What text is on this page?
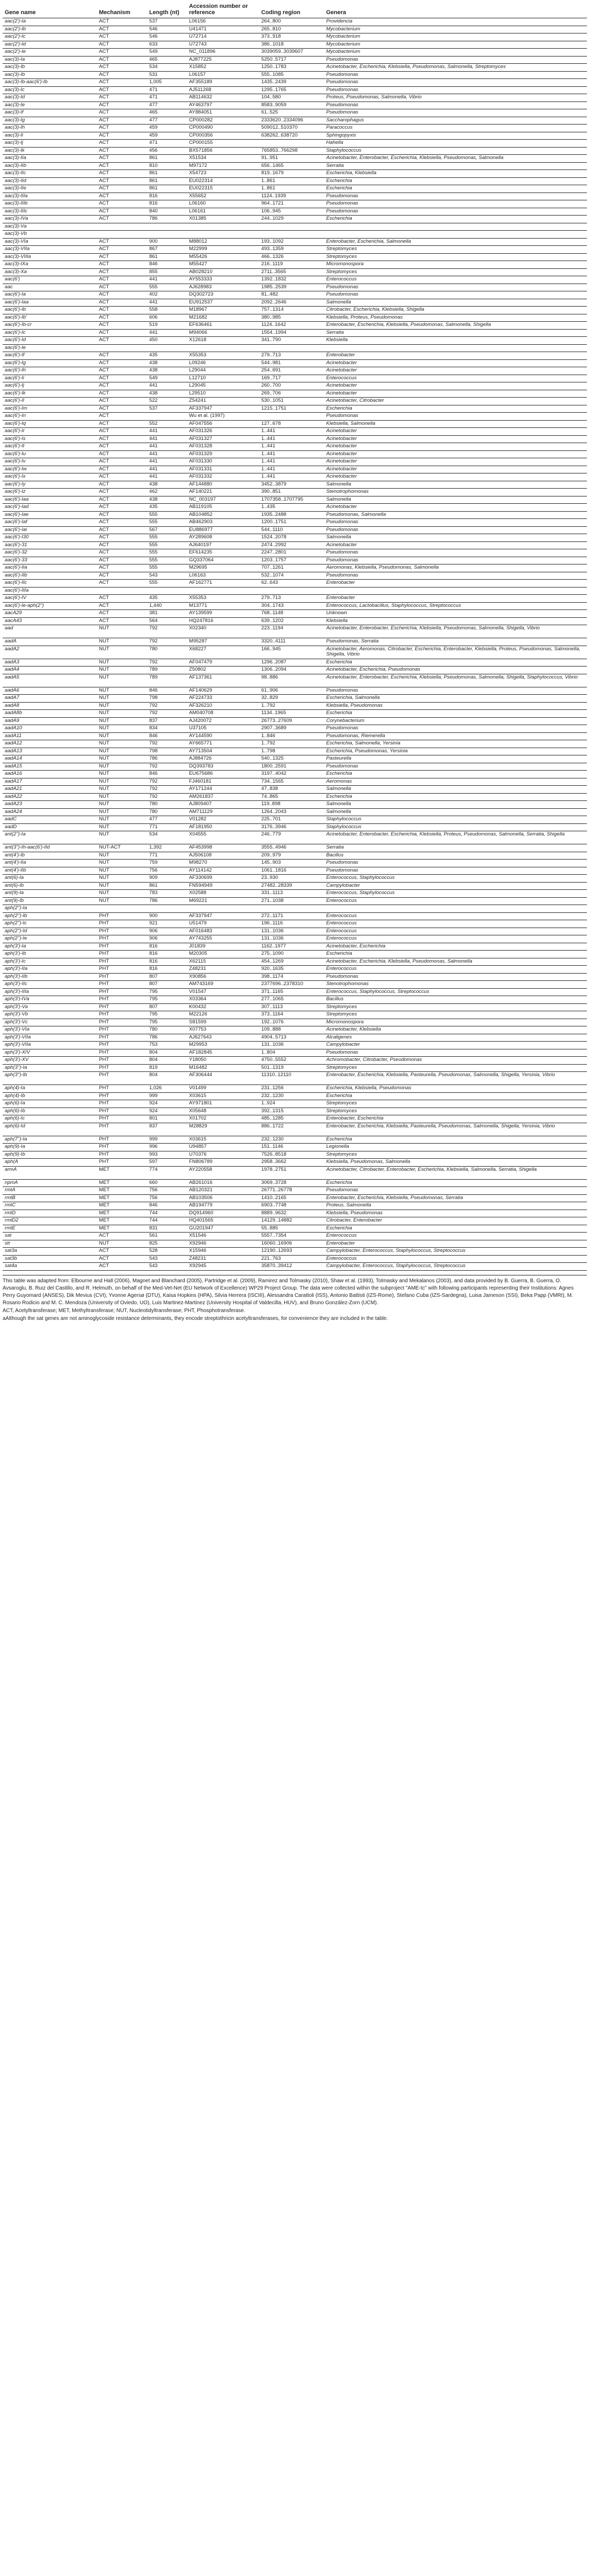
Gene name	Mechanism	Length (nt)	Accession number or reference	Coding region	Genera
aac(2')-Ia	ACT	537	L06156	264..800	Providencia
aac(2')-Ib	ACT	546	U41471	265..810	Mycobacterium
aac(2')-Ic	ACT	546	U72714	373..918	Mycobacterium
aac(2')-Id	ACT	633	U72743	386..1018	Mycobacterium
aac(2')-Ie	ACT	549	NC_011896	3039059..3039607	Mycobacterium
aac(3)-Ia	ACT	465	AJ877225	5250..5717	Pseudomonas
aac(3)-Ib	ACT	534	X15852	1250..1783	Acinetobacter, Escherichia, Klebsiella, Pseudomonas, Salmonella, Streptomyces
aac(3)-Ib	ACT	531	L06157	555..1085	Pseudomonas
aac(3)-Ib-aac(6')-Ib	ACT	1,005	AF355189	1435..2439	Pseudomonas
aac(3)-Ic	ACT	471	AJ511268	1295..1765	Pseudomonas
aac(3)-Id	ACT	471	AB114632	104..580	Proteus, Pseudomonas, Salmonella, Vibrio
aac(3)-Ie	ACT	477	AY463797	8583..9059	Pseudomonas
aac(3)-If	ACT	465	AY884051	61..525	Pseudomonas
aac(3)-Ig	ACT	477	CP000282	2333620..2334096	Saccharophagus
aac(3)-Ih	ACT	459	CP000490	509012..510370	Paracoccus
aac(3)-Ii	ACT	459	CP000356	638262..638720	Sphingopyxis
aac(3)-Ij	ACT	471	CP000155		Hahella
aac(3)-Ik	ACT	456	BX571856	765853..766298	Staphylococcus
aac(3)-IIa	ACT	861	X51534	91..951	Acinetobacter, Enterobacter, Escherichia, Klebsiella, Pseudomonas, Salmonella
aac(3)-IIb	ACT	810	M97172	656..1465	Serratia
aac(3)-IIc	ACT	861	X54723	819..1679	Escherichia, Klebsiella
aac(3)-IId	ACT	861	EU022314	1..861	Escherichia
aac(3)-IIe	ACT	861	EU022315	1..861	Escherichia
aac(3)-IIIa	ACT	816	X55652	1124..1939	Pseudomonas
aac(3)-IIIb	ACT	816	L06160	964..1721	Pseudomonas
aac(3)-IIIc	ACT	840	L06161	106..945	Pseudomonas
aac(3)-IVa	ACT	786	X01385	244..1029	Escherichia
aac(3)-Va					
aac(3)-Vb					
aac(3)-VIa	ACT	900	M88012	193..1092	Enterobacter, Escherichia, Salmonella
aac(3)-VIIa	ACT	867	M22999	493..1359	Streptomyces
aac(3)-VIIIa	ACT	861	M55426	466..1326	Streptomyces
aac(3)-IXa	ACT	846	M55427	216..1119	Micromonospora
aac(3)-Xa	ACT	855	AB028210	2711..3565	Streptomyces
aac(6')	ACT	441	AY553333	1392..1832	Enterococcus
aac	ACT	555	AJ628983	1985..2539	Pseudomonas
aac(6')-Ia	ACT	402	DQ302723	81..482	Pseudomonas
aac(6')-Iaa	ACT	441	EU912537	2092..2646	Salmonella
aac(6')-Ib	ACT	558	M18967	757..1314	Citrobacter, Escherichia, Klebsiella, Shigella
aac(6')-Ib'	ACT	606	M21682	380..985	Klebsiella, Proteus, Pseudomonas
aac(6')-Ib-cr	ACT	519	EF636461	1124..1642	Enterobacter, Escherichia, Klebsiella, Pseudomonas, Salmonella, Shigella
aac(6')-Ic	ACT	441	M94066	1554..1994	Serratia
aac(6')-Id	ACT	450	X12618	341..790	Klebsiella
aac(6')-Ie					
aac(6')-If	ACT	435	X55353	279..713	Enterobacter
aac(6')-Ig	ACT	438	L09246	544..981	Acinetobacter
aac(6')-Ih	ACT	438	L29044	254..691	Acinetobacter
aac(6')-Ii	ACT	549	L12710	169..717	Enterococcus
aac(6')-Ij	ACT	441	L29045	260..700	Acinetobacter
aac(6')-Ik	ACT	438	L29510	269..706	Acinetobacter
aac(6')-Il	ACT	522	Z54241	530..1051	Acinetobacter, Citrobacter
aac(6')-Im	ACT	537	AF337947	1215..1751	Escherichia
aac(6')-In	ACT		Wu et al. (1997)		Pseudomonas
aac(6')-Iq	ACT	552	AF047556	127..678	Klebsiella, Salmonella
aac(6')-Ir	ACT	441	AF031326	1..441	Acinetobacter
aac(6')-Is	ACT	441	AF031327	1..441	Acinetobacter
aac(6')-It	ACT	441	AF031328	1..441	Acinetobacter
aac(6')-Iu	ACT	441	AF031329	1..441	Acinetobacter
aac(6')-Iv	ACT	441	AF031330	1..441	Acinetobacter
aac(6')-Iw	ACT	441	AF031331	1..441	Acinetobacter
aac(6')-Ix	ACT	441	AF031332	1..441	Acinetobacter
aac(6')-Iy	ACT	438	AF144880	3452..3879	Salmonella
aac(6')-Iz	ACT	462	AF140221	390..851	Stenotrophomonas
aac(6')-Iaa	ACT	438	NC_003197	1707358..1707795	Salmonella
aac(6')-Iad	ACT	435	AB119105	1..435	Acinetobacter
aac(6')-Iae	ACT	555	AB104852	1935..2488	Pseudomonas, Salmonella
aac(6')-Iaf	ACT	555	AB462903	1200..1751	Pseudomonas
aac(6')-Iai	ACT	567	EU886977	544..1110	Pseudomonas
aac(6')-I30	ACT	555	AY289608	1524..2078	Salmonella
aac(6')-31	ACT	555	AJ640197	2474..2992	Acinetobacter
aac(6')-32	ACT	555	EF614235	2247..2801	Pseudomonas
aac(6')-33	ACT	555	GQ337064	1203..1757	Pseudomonas
aac(6')-IIa	ACT	555	M29695	707..1261	Aeromonas, Klebsiella, Pseudomonas, Salmonella
aac(6')-IIb	ACT	543	L06163	532..1074	Pseudomonas
aac(6')-IIc	ACT	555	AF162771	62..643	Enterobacter
aac(6')-IIIa					
aac(6')-IV	ACT	435	X55353	279..713	Enterobacter
aac(6')-Ie-aph(2'')	ACT	1,440	M13771	304..1743	Enterococcus, Lactobacillus, Staphylococcus, Streptococcus
aacA29	ACT	381	AY139599	768..1148	Unknown
aacA43	ACT	564	HQ247816	639..1202	Klebsiella
aad	NUT	792	X02340	223..1194	Acinetobacter, Enterobacter, Escherichia, Klebsiella, Pseudomonas, Salmonella, Shigella, Vibrio
aadA	NUT	792	M95287	3320..4111	Pseudomonas, Serratia
aadA2	NUT	780	X68227	166..945	Acinetobacter, Aeromonas, Citrobacter, Escherichia, Enterobacter, Klebsiella, Proteus, Pseudomonas, Salmonella, Shigella, Vibrio
aadA3	NUT	792	AF047479	1296..2087	Escherichia
aadA4	NUT	789	Z50802	1306..2094	Acinetobacter, Escherichia, Pseudomonas
aadA5	NUT	789	AF137361	98..886	Acinetobacter, Enterobacter, Escherichia, Klebsiella, Pseudomonas, Salmonella, Shigella, Staphylococcus, Vibrio
aadA6	NUT	846	AF140629	61..906	Pseudomonas
aadA7	NUT	798	AF224733	32..829	Escherichia, Salmonella
aadA8	NUT	792	AF326210	1..792	Klebsiella, Pseudomonas
aadA8b	NUT	792	AM040708	1134..1965	Escherichia
aadA9	NUT	837	AJ420072	26773..27609	Corynebacterium
aadA10	NUT	834	U37105	2907..3689	Pseudomonas
aadA11	NUT	846	AY144590	1..846	Pseudomonas, Riemerella
aadA12	NUT	792	AY665771	1..792	Escherichia, Salmonella, Yersinia
aadA13	NUT	798	AY713504	1..798	Escherichia, Pseudomonas, Yersinia
aadA14	NUT	786	AJ884726	540..1325	Pasteurella
aadA15	NUT	792	DQ393783	1800..2591	Pseudomonas
aadA16	NUT	846	EU675686	3197..4042	Escherichia
aadA17	NUT	792	FJ460181	734..1565	Aeromonas
aadA21	NUT	792	AY171244	47..838	Salmonella
aadA22	NUT	792	AM261837	74..865	Escherichia
aadA23	NUT	780	AJ809407	119..898	Salmonella
aadA24	NUT	780	AM711129	1264..2043	Salmonella
aadC	NUT	477	V01282	225..701	Staphylococcus
aadD	NUT	771	AF181950	3176..3946	Staphylococcus
ant(2'')-Ia	NUT	534	X04555	246..779	Acinetobacter, Enterobacter, Escherichia, Klebsiella, Proteus, Pseudomonas, Salmonella, Serratia, Shigella
ant(3'')-Ih-aac(6')-IId	NUT-ACT	1,392	AF453998	3555..4946	Serratia
ant(4')-Ib	NUT	771	AJ506108	209..979	Bacillus
ant(4')-IIa	NUT	759	M98270	145..903	Pseudomonas
ant(4')-IIb	NUT	756	AY114142	1061..1816	Pseudomonas
ant(6)-Ia	NUT	909	AF330699	23..930	Enterococcus, Staphylococcus
ant(6)-Ib	NUT	861	FN594949	27482..28339	Campylobacter
ant(9)-Ia	NUT	783	X02588	331..1113	Enterococcus, Staphylococcus
ant(9)-Ib	NUT	786	M69221	271..1038	Enterococcus
aph(2'')-Ia					
aph(2'')-Ib	PHT	900	AF337947	272..1171	Enterococcus
aph(2'')-Ic	PHT	921	U51479	196..1116	Enterococcus
aph(2'')-Id	PHT	906	AF016483	131..1036	Enterococcus
aph(2'')-Ie	PHT	906	AY743255	131..1036	Enterococcus
aph(3')-Ia	PHT	816	J01839	1162..1977	Acinetobacter, Escherichia
aph(3')-Ib	PHT	816	M20305	275..1090	Escherichia
aph(3')-Ic	PHT	816	X62115	454..1269	Acinetobacter, Escherichia, Klebsiella, Pseudomonas, Salmonella
aph(3')-IIa	PHT	816	Z48231	920..1635	Enterococcus
aph(3')-IIb	PHT	807	X90856	398..1174	Pseudomonas
aph(3')-IIc	PHT	807	AM743169	2377696..2378310	Stenotrophomonas
aph(3')-IIIa	PHT	795	V01547	371..1165	Enterococcus, Staphylococcus, Streptococcus
aph(3')-IVa	PHT	795	X03364	277..1065	Bacillus
aph(3')-Va	PHT	807	K00432	307..1113	Streptomyces
aph(3')-Vb	PHT	795	M22126	373..1164	Streptomyces
aph(3')-Vc	PHT	795	S81599	192..1076	Micromonospora
aph(3')-VIa	PHT	780	X07753	109..888	Acinetobacter, Klebsiella
aph(3')-VIIa	PHT	786	AJ627643	4904..5713	Alcaligenes
aph(3')-VIIa	PHT	753	M29953	131..1036	Campylobacter
aph(3')-XIV	PHT	804	AF182845	1..804	Pseudomonas
aph(3')-XV	PHT	804	Y18050	4750..5552	Achromobacter, Citrobacter, Pseudomonas
aph(3'')-Ia	PHT	819	M16482	501..1319	Streptomyces
aph(3'')-Ib	PHT	804	AF306444	11310..12110	Enterobacter, Escherichia, Klebsiella, Pasteurella, Pseudomonas, Salmonella, Shigella, Yersinia, Vibrio
aph(4)-Ia	PHT	1,026	V01499	231..1256	Escherichia, Klebsiella, Pseudomonas
aph(4)-Ib	PHT	999	X03615	232..1230	Escherichia
aph(6)-Ia	PHT	924	AY971801	1..924	Streptomyces
aph(6)-Ib	PHT	924	X05648	392..1315	Streptomyces
aph(6)-Ic	PHT	801	X01702	485..1285	Enterobacter, Escherichia
aph(6)-Id	PHT	837	M28829	886..1722	Enterobacter, Escherichia, Klebsiella, Pasteurella, Pseudomonas, Salmonella, Shigella, Yersinia, Vibrio
aph(7'')-Ia	PHT	999	X03615	232..1230	Escherichia
aph(9)-Ia	PHT	996	U94857	151..1146	Legionella
aph(9)-Ib	PHT	993	U70376	7526..8518	Streptomyces
aph(A	PHT	597	FN806789	2958..3662	Klebsiella, Pseudomonas, Salmonella
armA	MET	774	AY220558	1978..2751	Acinetobacter, Citrobacter, Enterobacter, Escherichia, Klebsiella, Salmonella, Serratia, Shigella
npmA	MET	660	AB261016	3069..3728	Escherichia
rmtA	MET	756	AB120321	26771..26778	Pseudomonas
rmtB	MET	756	AB103506	1410..2165	Enterobacter, Escherichia, Klebsiella, Pseudomonas, Serratia
rmtC	MET	846	AB194779	6903..7748	Proteus, Salmonella
rmtD	MET	744	DQ914960	8889..9632	Klebsiella, Pseudomonas
rmtD2	MET	744	HQ401565	14129..14882	Citrobacter, Enterobacter
rmtE	MET	831	GU201947	55..885	Escherichia
sat	ACT	561	X51546	5557..7354	Enterococcus
str	NUT	825	X92946	16060..16906	Enterobacter
sat3a	ACT	528	X15946	12190..12693	Campylobacter, Enterococcus, Staphylococcus, Streptococcus
sat3b	ACT	543	Z48231	221..763	Enterococcus
sat4a	ACT	543	X92945	35870..39412	Campylobacter, Enterococcus, Staphylococcus, Streptococcus

This table was adapted from: Elbourne and Hall (2006), Magnet and Blanchard (2005), Partridge et al. (2009), Ramirez and Tolmasky (2010), Shaw et al. (1993), Tolmasky and Mekalanos (2003), and data provided by B. Guerra, B. Guerra, O. Avsaroglu, B. Ruiz del Castillo, and R. Helmuth, on behalf of the Med-Vet-Net (EU Network of Excellence) WP29 Project Group. The data were collected within the subproject "AME-tc" with following participants representing their Institutions: Agnes Perry Guyomard (ANSES), Dik Mevius (CVI), Yvonne Agersø (DTU), Kaisa Hopkins (HPA), Silvia Herrera (ISCIII), Alessandra Carattoli (ISS), Antonio Battisti (IZS-Rome), Stefano Cuba (IZS-Sardegna), Luisa Jameson (SSI), Beka Papp (VMRI), M. Rosario Rodicio and M. C. Mendoza (University of Oviedo, UO), Luis Martinez-Martinez (University Hospital of Valdecilla, HUV), and Bruno González-Zorn (UCM).

ACT, Acetyltransferase; MET, Methyltransferase; NUT, Nucleotidyltransferase; PHT, Phosphotransferase.

aAlthough the sat genes are not aminoglycoside resistance determinants, they encode streptothricin acetyltransferases, for convenience they are included in the table.
